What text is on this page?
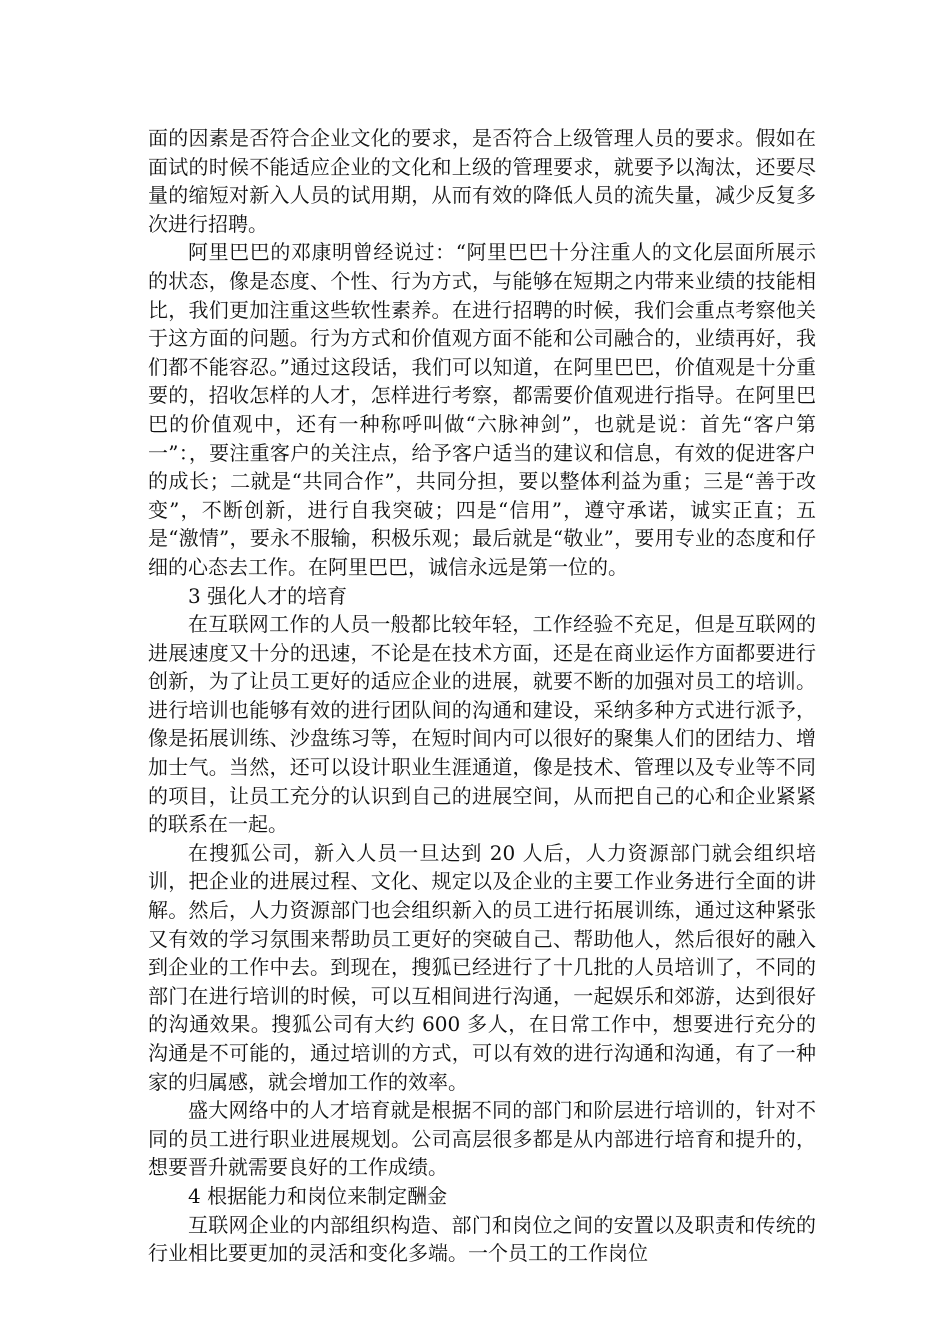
面的因素是否符合企业文化的要求，是否符合上级管理人员的要求。假如在面试的时候不能适应企业的文化和上级的管理要求，就要予以淘汰，还要尽量的缩短对新入人员的试用期，从而有效的降低人员的流失量，减少反复多次进行招聘。

阿里巴巴的邓康明曾经说过：“阿里巴巴十分注重人的文化层面所展示的状态，像是态度、个性、行为方式，与能够在短期之内带来业绩的技能相比，我们更加注重这些软性素养。在进行招聘的时候，我们会重点考察他关于这方面的问题。行为方式和价值观方面不能和公司融合的，业绩再好，我们都不能容忍。”通过这段话，我们可以知道，在阿里巴巴，价值观是十分重要的，招收怎样的人才，怎样进行考察，都需要价值观进行指导。在阿里巴巴的价值观中，还有一种称呼叫做“六脉神剑”，也就是说：首先“客户第一”：，要注重客户的关注点，给予客户适当的建议和信息，有效的促进客户的成长；二就是“共同合作”，共同分担，要以整体利益为重；三是“善于改变”，不断创新，进行自我突破；四是“信用”，遵守承诺，诚实正直；五是“激情”，要永不服输，积极乐观；最后就是“敬业”，要用专业的态度和仔细的心态去工作。在阿里巴巴，诚信永远是第一位的。

3 强化人才的培育

在互联网工作的人员一般都比较年轻，工作经验不充足，但是互联网的进展速度又十分的迅速，不论是在技术方面，还是在商业运作方面都要进行创新，为了让员工更好的适应企业的进展，就要不断的加强对员工的培训。进行培训也能够有效的进行团队间的沟通和建设，采纳多种方式进行派予，像是拓展训练、沙盘练习等，在短时间内可以很好的聚集人们的团结力、增加士气。当然，还可以设计职业生涯通道，像是技术、管理以及专业等不同的项目，让员工充分的认识到自己的进展空间，从而把自己的心和企业紧紧的联系在一起。

在搜狐公司，新入人员一旦达到 20 人后，人力资源部门就会组织培训，把企业的进展过程、文化、规定以及企业的主要工作业务进行全面的讲解。然后，人力资源部门也会组织新入的员工进行拓展训练，通过这种紧张又有效的学习氛围来帮助员工更好的突破自己、帮助他人，然后很好的融入到企业的工作中去。到现在，搜狐已经进行了十几批的人员培训了，不同的部门在进行培训的时候，可以互相间进行沟通，一起娱乐和郊游，达到很好的沟通效果。搜狐公司有大约 600 多人，在日常工作中，想要进行充分的沟通是不可能的，通过培训的方式，可以有效的进行沟通和沟通，有了一种家的归属感，就会增加工作的效率。

盛大网络中的人才培育就是根据不同的部门和阶层进行培训的，针对不同的员工进行职业进展规划。公司高层很多都是从内部进行培育和提升的，想要晋升就需要良好的工作成绩。

4 根据能力和岗位来制定酬金

互联网企业的内部组织构造、部门和岗位之间的安置以及职责和传统的行业相比要更加的灵活和变化多端。一个员工的工作岗位
